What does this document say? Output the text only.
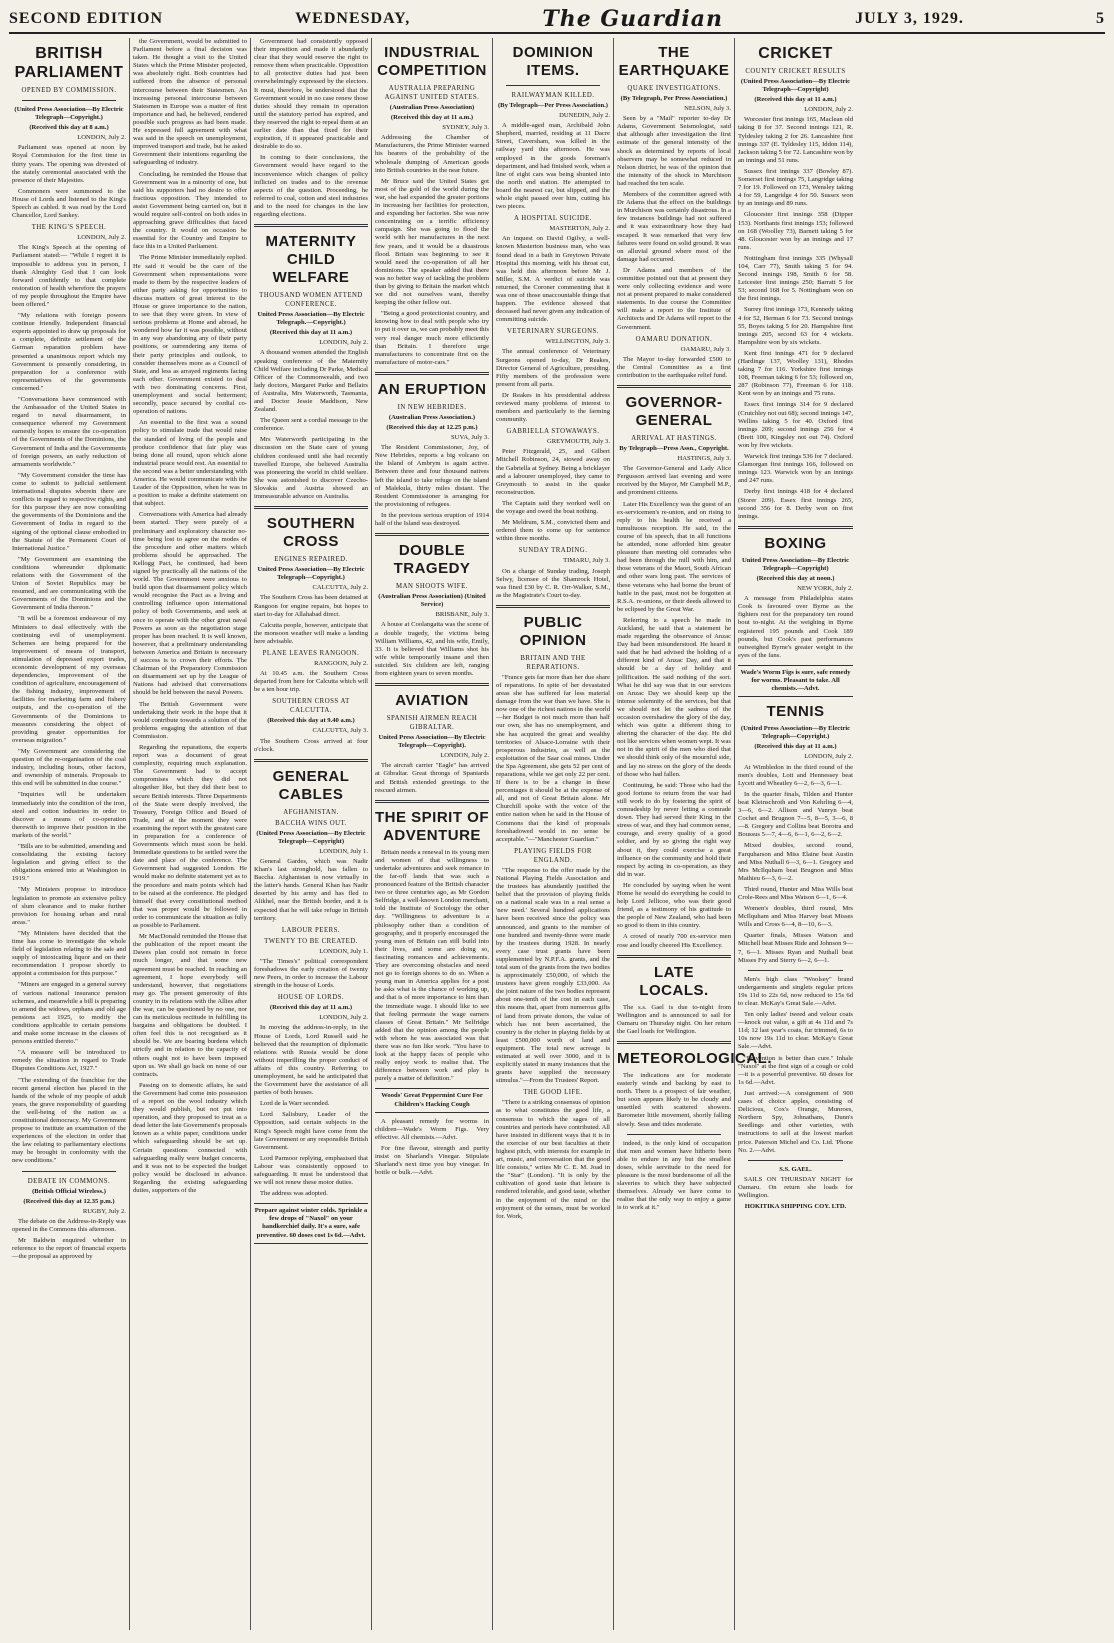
SECOND EDITION	WEDNESDAY,	The Guardian	JULY 3, 1929.	5
BRITISH PARLIAMENT
OPENED BY COMMISSION.
(United Press Association—By Electric Telegraph—Copyright.)
(Received this day at 8 a.m.)
LONDON, July 2.

Parliament was opened at noon by Royal Commission for the first time in thirty years. The opening was divested of the stately ceremonial associated with the presence of their Majesties.

Commoners were summoned to the House of Lords and listened to the King's Speech as cabled. It was read by the Lord Chancellor, Lord Sankey.

THE KING'S SPEECH.
LONDON, July 2.

The King's Speech at the opening of Parliament stated:— "While I regret it is impossible to address you in person, I thank Almighty God that I can look forward confidently to that complete restoration of health wherefore the prayers of my people throughout the Empire have been offered."

"My relations with foreign powers continue friendly. Independent financial experts appointed to draw up proposals for a complete, definite settlement of the German reparation problem have presented a unanimous report which my Government is presently considering, in preparation for a conference with representatives of the governments concerned."

"Conversations have commenced with the Ambassador of the United States in regard to naval disarmament, in consequence whereof my Government earnestly hopes to ensure the co-operation of the Governments of the Dominions, the Government of India and the Governments of foreign powers, an early reduction of armaments worldwide."

"My Government consider the time has come to submit to judicial settlement international disputes wherein there are conflicts in regard to respective rights, and for this purpose they are now consulting the governments of the Dominions and the Government of India in regard to the signing of the optional clause embodied in the Statute of the Permanent Court of International Justice."

"My Government are examining the conditions whereunder diplomatic relations with the Government of the Union of Soviet Republics may be resumed, and are communicating with the Governments of the Dominions and the Government of India thereon."

"It will be a foremost endeavour of my Ministers to deal effectively with the continuing evil of unemployment. Schemes are being prepared for the improvement of means of transport, stimulation of depressed export trades, economic development of my overseas dependencies, improvement of the condition of agriculture, encouragement of the fishing industry, improvement of facilities for marketing farm and fishery outputs, and the co-operation of the Governments of the Dominions to measures considering the object of providing greater opportunities for overseas migration."

"My Government are considering the question of the re-organisation of the coal industry, including hours, other factors, and ownership of minerals. Proposals to this end will be submitted in due course."

"Inquiries will be undertaken immediately into the condition of the iron, steel and cotton industries in order to discover a means of co-operation therewith to improve their position in the markets of the world."

"Bills are to be submitted, amending and consolidating the existing factory legislation and giving effect to the obligations entered into at Washington in 1919."

"My Ministers propose to introduce legislation to promote an extensive policy of slum clearance and to make further provision for housing urban and rural areas."

"My Ministers have decided that the time has come to investigate the whole field of legislation relating to the sale and supply of intoxicating liquor and on their recommendation I propose shortly to appoint a commission for this purpose."

"Miners are engaged in a general survey of various national insurance pension schemes, and meanwhile a bill is preparing to amend the widows, orphans and old age pensions act 1925, to modify the conditions applicable to certain pensions and make some increase in the classes of persons entitled thereto."

"A measure will be introduced to remedy the situation in regard to Trade Disputes Conditions Act, 1927."

"The extending of the franchise for the recent general election has placed in the hands of the whole of my people of adult years, the grave responsibility of guarding the well-being of the nation as a constitutional democracy. My Government propose to institute an examination of the experiences of the election in order that the law relating to parliamentary elections may be brought in conformity with the new conditions."

DEBATE IN COMMONS.
(British Official Wireless.)
(Received this day at 12.35 p.m.)
RUGBY, July 2.

The debate on the Address-in-Reply was opened in the Commons this afternoon.

Mr Baldwin enquired whether in reference to the report of financial experts—the proposal as approved by

the Government, would be submitted to Parliament before a final decision was taken. He thought a visit to the United States which the Prime Minister projected, was absolutely right. Both countries had suffered from the absence of personal intercourse between their Statesmen. An increasing personal intercourse between Statesmen in Europe was a matter of first importance and had, he believed, rendered possible such progress as had been made. He expressed full agreement with what was said in the speech on unemployment, improved transport and trade, but he asked Government their intentions regarding the safeguarding of industry.

Concluding, he reminded the House that Government was in a minority of one, but said his supporters had no desire to offer fractious opposition. They intended to assist Government being carried on, but it would require self-control on both sides in approaching grave difficulties that faced the country. It would on occasion be essential for the Country and Empire to face this in a United Parliament.

The Prime Minister immediately replied. He said it would be the care of the Government when representations were made to them by the respective leaders of either party asking for opportunities to discuss matters of great interest to the House or grave importance to the nation, to see that they were given. In view of serious problems at Home and abroad, he wondered how far it was possible, without in any way abandoning any of their party positions, or surrendering any items of their party principles and outlook, to consider themselves more as a Council of State, and less as arrayed regiments facing each other. Government existed to deal with two dominating concerns. First, unemployment and social betterment; secondly, peace secured by cordial co-operation of nations.

An essential to the first was a sound policy to stimulate trade that would raise the standard of living of the people and produce confidence that fair play was being done all round, upon which alone industrial peace would rest. An essential to the second was a better understanding with America. He would communicate with the Leader of the Opposition, when he was in a position to make a definite statement on that subject.

Conversations with America had already been started. They were purely of a preliminary and exploratory character no-time being lost to agree on the modes of the procedure and other matters which problems should be approached. The Kellogg Pact, he continued, had been signed by practically all the nations of the world. The Government were anxious to build upon that disarmament policy which would recognise the Pact as a living and controlling influence upon international policy of both Governments, and seek at once to operate with the other great naval Powers as soon as the negotiation stage proper has been reached. It is well known, however, that a preliminary understanding between America and Britain is necessary if success is to crown their efforts. The Chairman of the Preparatory Commission on disarmament set up by the League of Nations had advised that conversations should be held between the naval Powers.

The British Government were undertaking their work in the hope that it would contribute towards a solution of the problems engaging the attention of that Commission.

Regarding the reparations, the experts report was a document of great complexity, requiring much explanation. The Government had to accept compromises which they did not altogether like, but they did their best to secure British interests. Three Departments of the State were deeply involved, the Treasury, Foreign Office and Board of Trade, and at the moment they were examining the report with the greatest care in preparation for a conference of Governments which must soon be held. Immediate questions to be settled were the date and place of the conference. The Government had suggested London. He would make no definite statement yet as to the procedure and main points which had to be raised at the conference. He pledged himself that every constitutional method that was proper would be followed in order to communicate the situation as fully as possible to Parliament.

Mr MacDonald reminded the House that the publication of the report meant the Dawes plan could not remain in force much longer, and that some new agreement must be reached. In reaching an agreement, I hope everybody will understand, however, that negotiations may go. The present generosity of this country in its relations with the Allies after the war, can be questioned by no one, nor can its meticulous rectitude in fulfilling its bargains and obligations be doubted. I often feel this is not recognised as it should be. We are bearing burdens which strictly and in relation to the capacity of others ought not to have been imposed upon us. We shall go back on none of our contracts.

Passing on to domestic affairs, he said the Government had come into possession of a report on the wool industry which they would publish, but not put into operation, and they proposed to treat as a dead letter the late Government's proposals known as a white paper, conditions under which safeguarding should be set up. Certain questions connected with safeguarding really were budget concerns, and it was not to be expected the budget policy would be disclosed in advance. Regarding the existing safeguarding duties, supporters of the

Government had consistently opposed their imposition and made it abundantly clear that they would reserve the right to remove them when practicable. Opposition to all protective duties had just been overwhelmingly expressed by the electors. It must, therefore, be understood that the Government would in no case renew those duties should they remain in operation until the statutory period has expired, and they reserved the right to repeal them at an earlier date than that fixed for their expiration, if it appeared practicable and desirable to do so.

In coming to their conclusions, the Government would have regard to the inconvenience which changes of policy inflicted on trades and to the revenue aspects of the question. Proceeding, he referred to coal, cotton and steel industries and to the need for changes in the law regarding elections.

MATERNITY CHILD WELFARE
THOUSAND WOMEN ATTEND CONFERENCE.
United Press Association—By Electric Telegraph.—Copyright.)
(Received this day at 11 a.m.)
LONDON, July 2.

A thousand women attended the English speaking conference of the Maternity Child Welfare including Dr Parke, Medical Officer of the Commonwealth, and two lady doctors, Margaret Parke and Bellairs of Australia, Mrs Waterworth, Tasmania, and Doctor Jessie Maddison, New Zealand.

The Queen sent a cordial message to the conference.

Mrs Waterworth participating in the discussion on the State care of young children confessed until she had recently travelled Europe, she believed Australia was pioneering the world in child welfare. She was astonished to discover Czecho-Slovakia and Austria showed an immeasurable advance on Australia.

SOUTHERN CROSS
ENGINES REPAIRED.
United Press Association—By Electric Telegraph—Copyright.)
CALCUTTA, July 2.

The Southern Cross has been detained at Rangoon for engine repairs, but hopes to start to-day for Allahabad direct.

Calcutta people, however, anticipate that the monsoon weather will make a landing here advisable.

PLANE LEAVES RANGOON.
RANGOON, July 2.

At 10.45 a.m. the Southern Cross departed from here for Calcutta which will be a ten hour trip.

SOUTHERN CROSS AT CALCUTTA.
(Received this day at 9.40 a.m.)
CALCUTTA, July 3.

The Southern Cross arrived at four o'clock.

GENERAL CABLES
AFGHANISTAN.
BACCHA WINS OUT.
(United Press Association—By Electric Telegraph—Copyright)
LONDON, July 1.

General Gardes, which was Nadir Khan's last stronghold, has fallen to Baccha. Afghanistan is now virtually in the latter's hands. General Khan has Nadir deserted by his army and has fled to Alikhel, near the British border, and it is expected that he will take refuge in British territory.

LABOUR PEERS.
TWENTY TO BE CREATED.
LONDON, July 1.

"The Times's" political correspondent foreshadows the early creation of twenty new Peers, in order to increase the Labour strength in the house of Lords.

HOUSE OF LORDS.
(Received this day at 11 a.m.)
LONDON, July 2.

In moving the address-in-reply, in the House of Lords, Lord Russell said he believed that the resumption of diplomatic relations with Russia would be done without imperilling the proper conduct of affairs of this country. Referring to unemployment, he said he anticipated that the Government have the assistance of all parties of both houses.

Lord de la Warr seconded.

Lord Salisbury, Leader of the Opposition, said certain subjects in the King's Speech might have come from the late Government or any responsible British Government.

Lord Parmoor replying, emphasised that Labour was consistently opposed to safeguarding. It must be understood that we will not renew these motor duties.

The address was adopted.

Prepare against winter colds. Sprinkle a few drops of "Naxol" on your handkerchief daily. It's a sure, safe preventive. 60 doses cost 1s 6d.—Advt.
INDUSTRIAL COMPETITION
AUSTRALIA PREPARING AGAINST UNITED STATES.
(Australian Press Association)
(Received this day at 11 a.m.)
SYDNEY, July 3.

Addressing the Chamber of Manufacturers, the Prime Minister warned his hearers of the probability of the wholesale dumping of American goods into British countries in the near future.

Mr Bruce said the United States got most of the gold of the world during the war, she had expanded the greater portions in increasing her facilities for protection, and expanding her factories. She was now concentrating on a terrific efficiency campaign. She was going to flood the world with her manufactures in the next few years, and it would be a disastrous flood. Britain was beginning to see it would need the co-operation of all her dominions. The speaker added that there was no better way of tackling the problem than by giving to Britain the market which we did not ourselves want, thereby keeping the other fellow out.

"Being a good protectionist country, and knowing how to deal with people who try to put it over us, we can probably meet this very real danger much more efficiently than Britain. I therefore urge manufacturers to concentrate first on the manufacture of motor-cars."

AN ERUPTION
IN NEW HEBRIDES.
(Australian Press Association.)
(Received this day at 12.25 p.m.)
SUVA, July 3.

The Resident Commissioner, Joy, of New Hebrides, reports a big volcano on the Island of Ambrym is again active. Between three and four thousand natives left the island to take refuge on the island of Malekula, thirty miles distant. The Resident Commissioner is arranging for the provisioning of refugees.

In the previous serious eruption of 1914 half of the Island was destroyed.

DOUBLE TRAGEDY
MAN SHOOTS WIFE.
(Australian Press Association) (United Service)
BRISBANE, July 3.

A house at Coolangatta was the scene of a double tragedy, the victims being William Williams, 42, and his wife, Emily, 33. It is believed that Williams shot his wife while temporarily insane and then suicided. Six children are left, ranging from eighteen years to seven months.

AVIATION
SPANISH AIRMEN REACH GIBRALTAR.
United Press Association—By Electric Telegraph—Copyright).
LONDON, July 2.

The aircraft carrier "Eagle" has arrived at Gibraltar. Great throngs of Spaniards and British extended greetings to the rescued airmen.

THE SPIRIT OF ADVENTURE

Britain needs a renewal in its young men and women of that willingness to undertake adventures and seek romance in the far-off lands that was such a pronounced feature of the British character two or three centuries ago, as Mr Gordon Selfridge, a well-known London merchant, told the Institute of Sociology the other day. "Willingness to adventure is a philosophy rather than a condition of geography, and it properly encouraged the young men of Britain can still build into their lives, and some are doing so, fascinating romances and achievements. They are overcoming obstacles and need not go to foreign shores to do so. When a young man in America applies for a post he asks what is the chance of working up, and that is of more importance to him than the immediate wage. I should like to see that feeling permeate the wage earners classes of Great Britain." Mr Selfridge added that the opinion among the people with whom he was associated was that there was no fun like work. "You have to look at the happy faces of people who really enjoy work to realise that. The difference between work and play is purely a matter of definition."

Woods' Great Peppermint Cure For Children's Hacking Cough

A pleasant remedy for worms in children—Wade's Worm Figs. Very effective. All chemists.—Advt.

For fine flavour, strength and purity insist on Sharland's Vinegar. Stipulate Sharland's next time you buy vinegar. In bottle or bulk.—Advt.

DOMINION ITEMS.
RAILWAYMAN KILLED.
(By Telegraph—Per Press Association.)
DUNEDIN, July 2.

A middle-aged man, Archibald John Shepherd, married, residing at 11 Dacre Street, Caversham, was killed in the railway yard this afternoon. He was employed in the goods foreman's department, and had finished work, when a line of eight cars was being shunted into the north end station. He attempted to board the nearest car, but slipped, and the whole eight passed over him, cutting his two pieces.

A HOSPITAL SUICIDE.
MASTERTON, July 2.

An inquest on David Ogilvy, a well-known Masterton business man, who was found dead in a bath in Greytown Private Hospital this morning, with his throat cut, was held this afternoon before Mr J. Miller, S.M. A verdict of suicide was returned, the Coroner commenting that it was one of those unaccountable things that happen. The evidence showed that deceased had never given any indication of committing suicide.

VETERINARY SURGEONS.
WELLINGTON, July 3.

The annual conference of Veterinary Surgeons opened to-day, Dr Reakes, Director General of Agriculture, presiding. Fifty members of the profession were present from all parts.

Dr Reakes in his presidential address reviewed many problems of interest to members and particularly to the farming community.

GABRIELLA STOWAWAYS.
GREYMOUTH, July 3.

Peter Fitzgerald, 25, and Gilbert Mitchell Robinson, 24, stowed away on the Gabriella at Sydney. Being a bricklayer and a labourer unemployed, they came to Greymouth to assist in the quake reconstruction.

The Captain said they worked well on the voyage and owed the boat nothing.

Mr Meldrum, S.M., convicted them and ordered them to come up for sentence within three months.

SUNDAY TRADING.
TIMARU, July 3.

On a charge of Sunday trading, Joseph Selwy, licensee of the Shamrock Hotel, was fined £30 by C. R. Orr-Walker, S.M., as the Magistrate's Court to-day.

PUBLIC OPINION
BRITAIN AND THE REPARATIONS.

"France gets far more than her due share of reparations. In spite of her devastated areas she has suffered far less material damage from the war than we have. She is now one of the richest nations in the world—her Budget is not much more than half our own, she has no unemployment, and she has acquired the great and wealthy territories of Alsace-Lorraine with their prosperous industries, as well as the exploitation of the Saar coal mines. Under the Spa Agreement, she gets 52 per cent of reparations, while we get only 22 per cent. If there is to be a change in these percentages it should be at the expense of all, and not of Great Britain alone. Mr Churchill spoke with the voice of the entire nation when he said in the House of Commons that the kind of proposals foreshadowed would in no sense be acceptable."—"Manchester Guardian."

PLAYING FIELDS FOR ENGLAND.

"The response to the offer made by the National Playing Fields Association and the trustees has abundantly justified the belief that the provision of playing fields on a national scale was in a real sense a 'new need.' Several hundred applications have been received since the policy was announced, and grants to the number of one hundred and twenty-three were made by the trustees during 1928. In nearly every case trust grants have been supplemented by N.P.F.A. grants, and the total sum of the grants from the two bodies is approximately £50,000, of which the trustees have given roughly £33,000. As the joint nature of the two bodies represent about one-tenth of the cost in each case, this means that, apart from numerous gifts of land from private donors, the value of which has not been ascertained, the country is the richer in playing fields by at least £500,000 worth of land and equipment. The total new acreage is estimated at well over 3000, and it is explicitly stated in many instances that the grants have supplied the necessary stimulus."—From the Trustees' Report.

THE GOOD LIFE.

"There is a striking consensus of opinion as to what constitutes the good life, a consensus to which the sages of all countries and periods have contributed. All have insisted in different ways that it is in the exercise of our best faculties at their highest pitch, with interests for example in art, music, and conversation that the good life consists," writes Mr C. E. M. Joad in the "Star" (London). "It is only by the cultivation of good taste that leisure is rendered tolerable, and good taste, whether in the enjoyment of the mind or the enjoyment of the senses, must be worked for. Work,

THE EARTHQUAKE
QUAKE INVESTIGATIONS.
(By Telegraph, Per Press Association.)
NELSON, July 3.

Seen by a "Mail" reporter to-day Dr Adams, Government Seismologist, said that although after investigation the first estimate of the general intensity of the shock as determined by reports of local observers may be somewhat reduced in Nelson district, he was of the opinion that the intensity of the shock in Murchison had reached the ten scale.

Members of the committee agreed with Dr Adams that the effect on the buildings in Murchison was certainly disastrous. In a few instances buildings had not suffered and it was extraordinary how they had escaped. It was remarked that very few failures were found on solid ground. It was on alluvial ground where most of the damage had occurred.

Dr Adams and members of the committee pointed out that at present they were only collecting evidence and were not at present prepared to make considered statements. In due course the Committee will make a report to the Institute of Architects and Dr Adams will report to the Government.

OAMARU DONATION.
OAMARU, July 3.

The Mayor to-day forwarded £500 to the Central Committee as a first contribution to the earthquake relief fund.

GOVERNOR-GENERAL
ARRIVAL AT HASTINGS.
By Telegraph—Press Assn., Copyright.
HASTINGS, July 3.

The Governor-General and Lady Alice Fergusson arrived last evening and were received by the Mayor, Mr Campbell M.P., and prominent citizens.

Later His Excellency was the guest of an ex-servicemen's re-union, and on rising to reply to his health he received a tumultuous reception. He said, in the course of his speech, that in all functions he attended, none afforded him greater pleasure than meeting old comrades who had been through the mill with him, and those veterans of the Maori, South African and other wars long past. The services of these veterans who had borne the brunt of battle in the past, must not be forgotten at R.S.A. re-unions, or their deeds allowed to be eclipsed by the Great War.

Referring to a speech he made in Auckland, he said that a statement he made regarding the observance of Anzac Day had been misunderstood. He heard it said that he had advised the holding of a different kind of Anzac Day, and that it should be a day of holiday and jollification. He said nothing of the sort. What he did say was that in our services on Anzac Day we should keep up the intense solemnity of the services, but that we should not let the sadness of the occasion overshadow the glory of the day, which was quite a different thing to altering the character of the day. He did not like services when women wept. It was not in the spirit of the men who died that we should think only of the mournful side, and lay no stress on the glory of the deeds of those who had fallen.

Continuing, he said: Those who had the good fortune to return from the war had still work to do by fostering the spirit of comradeship by never letting a comrade down. They had served their King in the stress of war, and they had common sense, courage, and every quality of a good soldier, and by so giving the right way about it, they could exercise a great influence on the community and hold their respect by acting in co-operation, as they did in war.

He concluded by saying when he went Home he would do everything he could to help Lord Jellicoe, who was their good friend, as a testimony of his gratitude to the people of New Zealand, who had been so good to them in this country.

A crowd of nearly 700 ex-service men rose and loudly cheered His Excellency.

LATE LOCALS.

The s.s. Gael is due to-night from Wellington and is announced to sail for Oamaru on Thursday night. On her return the Gael loads for Wellington.

METEOROLOGICAL.

The indications are for moderate easterly winds and backing by east to north. There is a prospect of fair weather, but soon appears likely to be cloudy and unsettled with scattered showers. Barometer little movement, shortly falling slowly. Seas and tides moderate.

indeed, is the only kind of occupation that men and women have hitherto been able to endure in any but the smallest doses, while servitude to the need for pleasure is the most burdensome of all the slaveries to which they have subjected themselves. Already we have come to realise that the only way to enjoy a game is to work at it."

CRICKET
COUNTY CRICKET RESULTS
(United Press Association—By Electric Telegraph—Copyright)
(Received this day at 11 a.m.)
LONDON, July 2.

Worcester first innings 165, Maclean old taking 8 for 37. Second innings 121, R. Tyldesley taking 2 for 26. Lancashire first innings 337 (E. Tyldesley 115, Iddon 114), Jackson taking 5 for 72. Lancashire won by an innings and 51 runs.

Sussex first innings 337 (Bowley 87). Somerset first innings 75, Langridge taking 7 for 19. Followed on 173, Wensley taking 4 for 59, Langridge 4 for 50. Sussex won by an innings and 89 runs.

Gloucester first innings 358 (Dipper 153). Northants first innings 153; followed on 168 (Woolley 73), Barnett taking 5 for 48. Gloucester won by an innings and 17 runs.

Nottingham first innings 335 (Whysall 104, Carr 77), Smith taking 5 for 94. Second innings 198, Smith 6 for 58. Leicester first innings 250; Barratt 5 for 53; second 168 for 5. Nottingham won on the first innings.

Surrey first innings 173, Kennedy taking 4 for 52, Herman 6 for 73. Second innings 55, Boyes taking 5 for 20. Hampshire first innings 205, second 63 for 4 wickets. Hampshire won by six wickets.

Kent first innings 471 for 9 declared (Hardinge 137, Woolley 131), Rhodes taking 7 for 116. Yorkshire first innings 108, Freeman taking 6 for 53; followed on, 287 (Robinson 77), Freeman 6 for 118. Kent won by an innings and 75 runs.

Essex first innings 314 for 9 declared (Crutchley not out 68); second innings 147, Wellins taking 5 for 40. Oxford first innings 209; second innings 256 for 4 (Brett 100, Kingsley not out 74). Oxford won by five wickets.

Warwick first innings 536 for 7 declared. Glamorgan first innings 166, followed on innings 123. Warwick won by an innings and 247 runs.

Derby first innings 418 for 4 declared (Storer 209). Essex first innings 265, second 356 for 8. Derby won on first innings.

BOXING
United Press Association—By Electric Telegraph—Copyright)
(Received this day at noon.)
NEW YORK, July 2.

A message from Philadelphia states Cook is favoured over Byrne as the fighters rest for the preparatory ten round bout to-night. At the weighing in Byrne registered 195 pounds and Cook 189 pounds, but Cook's past performances outweighed Byrne's greater weight in the eyes of the fans.

Wade's Worm Figs is sure, safe remedy for worms. Pleasant to take. All chemists.—Advt.
TENNIS
(United Press Association—By Electric Telegraph—Copyright.)
(Received this day at 11 a.m.)
LONDON, July 2.

At Wimbledon in the third round of the men's doubles, Lott and Hennessey beat Lycett and Wheatley 6—2, 6—3, 6—1.

In the quarter finals, Tilden and Hunter beat Kleinschroth and Von Kehrling 6—4, 3—6, 6—2. Allison and Vanryn beat Cochet and Brugnon 7—5, 8—5, 3—6, 8—8. Gregory and Collins beat Borotra and Boussus 5—7, 4—6, 6—1, 6—2, 6—2.

Mixed doubles, second round, Farquharson and Miss Elaine beat Austin and Miss Nuthall 6—3, 6—1. Gregory and Mrs McIlquham beat Brugnon and Miss Mathieu 6—3, 6—2.

Third round, Hunter and Miss Wills beat Crole-Rees and Miss Watson 6—1, 6—4.

Women's doubles, third round, Mrs McIlquham and Miss Harvey beat Misses Wills and Cross 6—4, 8—10, 6—3.

Quarter finals, Misses Watson and Mitchell beat Misses Ride and Johnson 9—7, 6—1. Misses Ryan and Nuthall beat Misses Fry and Sterry 6—2, 6—1.

Men's high class "Woolsey" brand undergarments and singlets regular prices 19s 11d to 22s 6d, now reduced to 15s 6d to clear. McKay's Great Sale.—Advt.

Ten only ladies' tweed and velour coats—knock out value, a gift at 4s 11d and 7s 11d; 12 last year's coats, fur trimmed, 6s to 10s now 19s 11d to clear. McKay's Great Sale.—Advt.

"Prevention is better than cure." Inhale "Naxol" at the first sign of a cough or cold—it is a powerful preventive. 60 doses for 1s 6d.—Advt.

Just arrived:—A consignment of 900 cases of choice apples, consisting of Delicious, Cox's Orange, Munroes, Northern Spy, Johnathans, Dunn's Seedlings and other varieties, with instructions to sell at the lowest market price. Paterson Michel and Co. Ltd. 'Phone No. 2.—Advt.

S.S. GAEL.

SAILS ON THURSDAY NIGHT for Oamaru. On return she loads for Wellington.

HOKITIKA SHIPPING COY. LTD.
